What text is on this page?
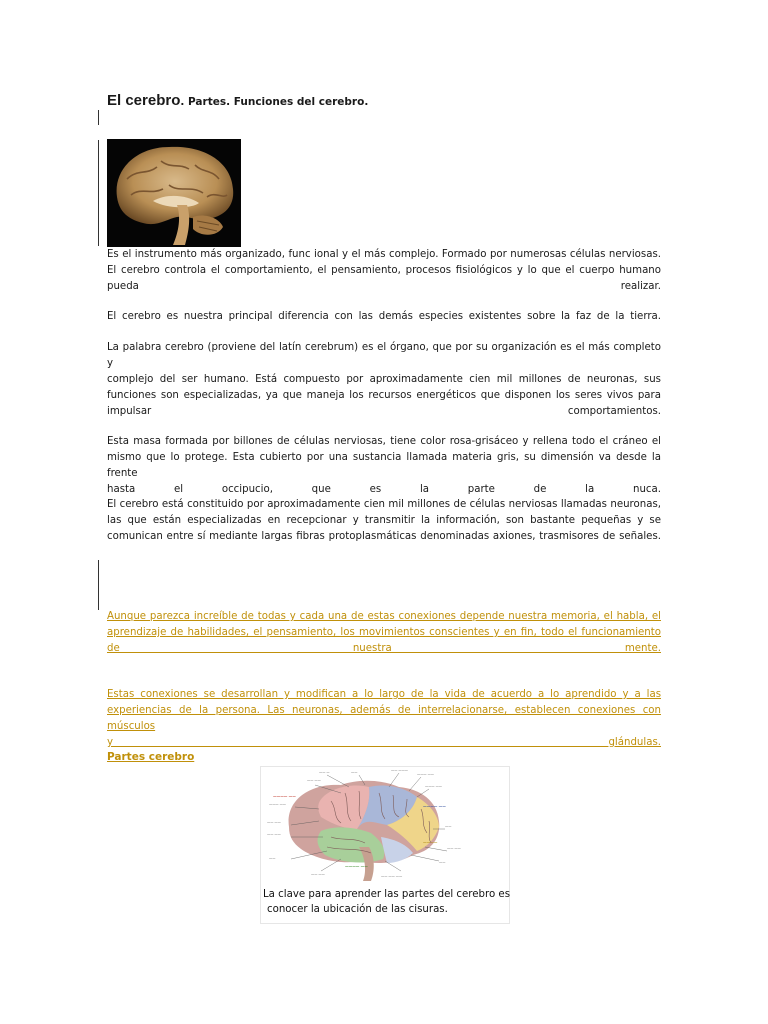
El cerebro. Partes. Funciones del cerebro.
Es el instrumento más organizado, func ional y el más complejo. Formado por numerosas células nerviosas.
El cerebro controla el comportamiento, el pensamiento, procesos fisiológicos y lo que el cuerpo humano
pueda realizar.
El cerebro es nuestra principal diferencia con las demás especies existentes sobre la faz de la tierra.
La palabra cerebro (proviene del latín cerebrum) es el órgano, que por su organización es el más completo y
complejo del ser humano. Está compuesto por aproximadamente cien mil millones de neuronas, sus
funciones son especializadas, ya que maneja los recursos energéticos que disponen los seres vivos para
impulsar comportamientos.
Esta masa formada por billones de células nerviosas, tiene color rosa-grisáceo y rellena todo el cráneo el
mismo que lo protege. Esta cubierto por una sustancia llamada materia gris, su dimensión va desde la frente
hasta el occipucio, que es la parte de la nuca.
El cerebro está constituido por aproximadamente cien mil millones de células nerviosas llamadas neuronas,
las que están especializadas en recepcionar y transmitir la información, son bastante pequeñas y se
comunican entre sí mediante largas fibras protoplasmáticas denominadas axiones, trasmisores de señales.
Aunque parezca increíble de todas y cada una de estas conexiones depende nuestra memoria, el habla, el
aprendizaje de habilidades, el pensamiento, los movimientos conscientes y en fin, todo el funcionamiento
de nuestra mente.
Estas conexiones se desarrollan y modifican a lo largo de la vida de acuerdo a lo aprendido y a las
experiencias de la persona. Las neuronas, además de interrelacionarse, establecen conexiones con músculos
y glándulas.
Partes cerebro
—— ——
—— —	——	—— ———
——— ——
——— ——
——— ——
—— ——
—— ——
——
—— ——
——
—— ——
——
—— —— ——
———— ——
———— ——
————
———— ——
La clave para aprender las partes del cerebro es
conocer la ubicación de las cisuras.
